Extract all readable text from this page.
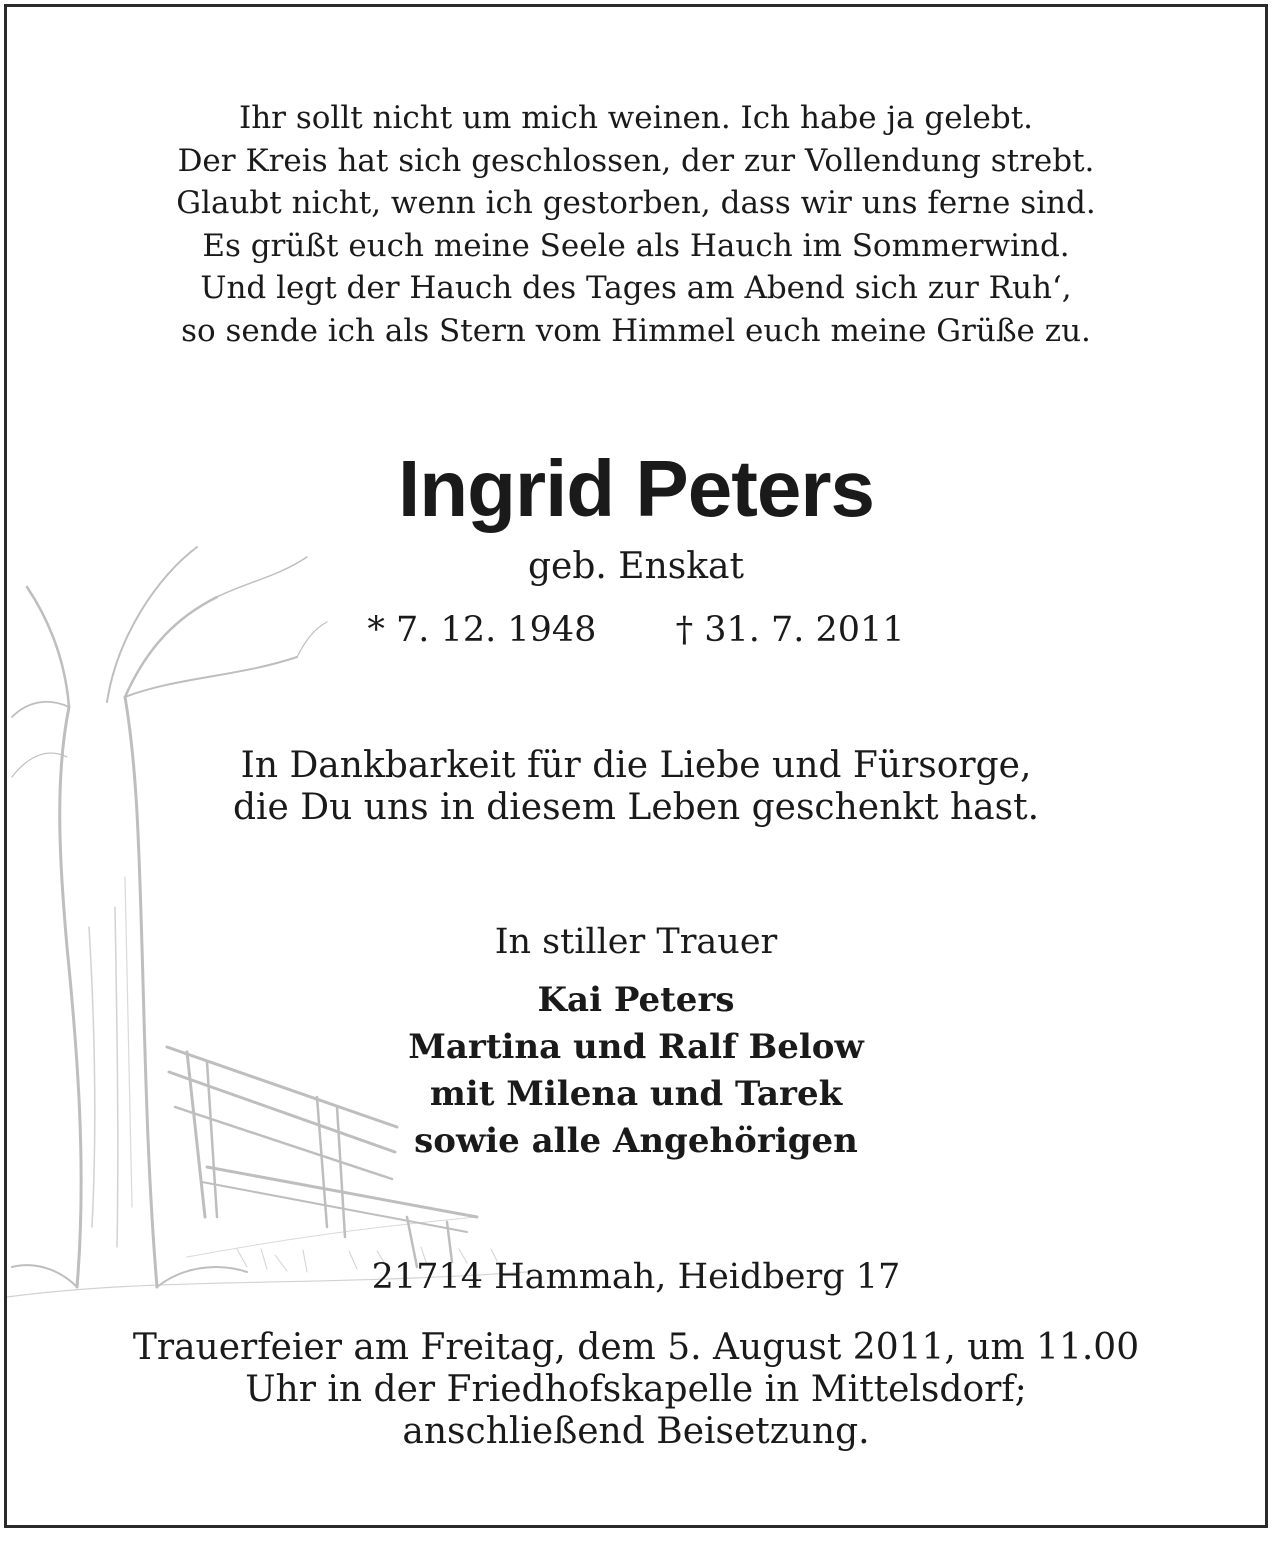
Ihr sollt nicht um mich weinen. Ich habe ja gelebt.
Der Kreis hat sich geschlossen, der zur Vollendung strebt.
Glaubt nicht, wenn ich gestorben, dass wir uns ferne sind.
Es grüßt euch meine Seele als Hauch im Sommerwind.
Und legt der Hauch des Tages am Abend sich zur Ruh‘,
so sende ich als Stern vom Himmel euch meine Grüße zu.
Ingrid Peters
geb. Enskat
* 7. 12. 1948 † 31. 7. 2011
In Dankbarkeit für die Liebe und Fürsorge,
die Du uns in diesem Leben geschenkt hast.
In stiller Trauer
Kai Peters
Martina und Ralf Below
mit Milena und Tarek
sowie alle Angehörigen
21714 Hammah, Heidberg 17
Trauerfeier am Freitag, dem 5. August 2011, um 11.00
Uhr in der Friedhofskapelle in Mittelsdorf;
anschließend Beisetzung.
